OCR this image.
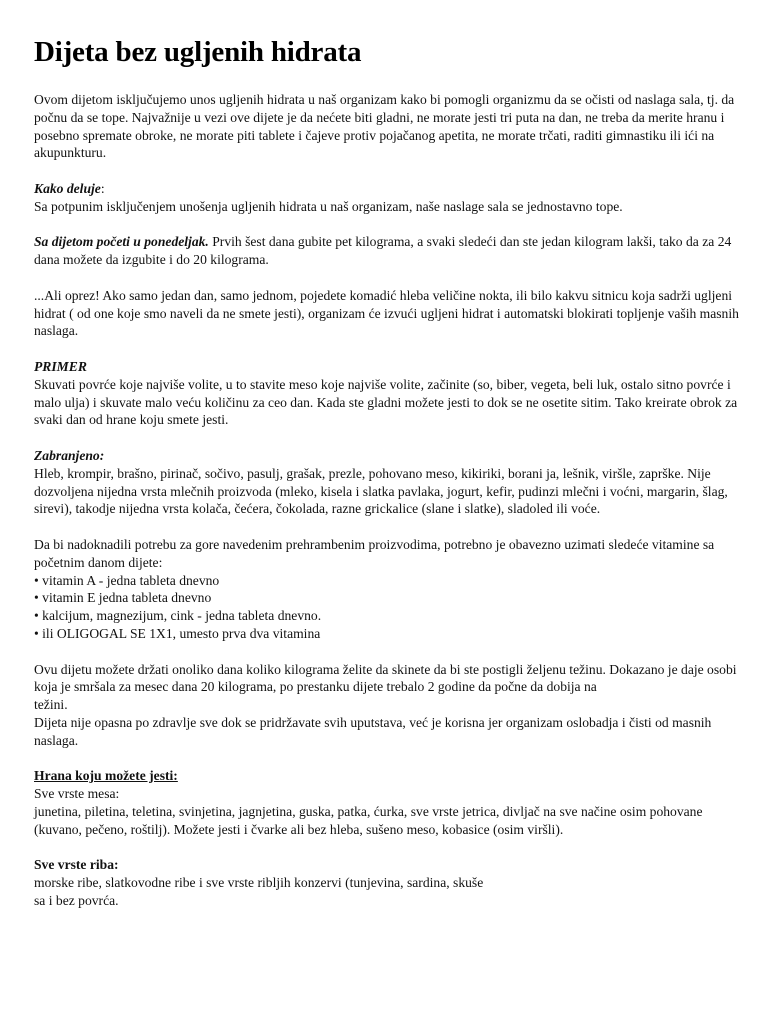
Dijeta bez ugljenih hidrata

Ovom dijetom isključujemo unos ugljenih hidrata u naš organizam kako bi pomogli organizmu da se očisti od naslaga sala, tj. da počnu da se tope. Najvažnije u vezi ove dijete je da nećete biti gladni, ne morate jesti tri puta na dan, ne treba da merite hranu i posebno spremate obroke, ne morate piti tablete i čajeve protiv pojačanog apetita, ne morate trčati, raditi gimnastiku ili ići na akupunkturu.

Kako deluje:
Sa potpunim isključenjem unošenja ugljenih hidrata u naš organizam, naše naslage sala se jednostavno tope.

Sa dijetom početi u ponedeljak. Prvih šest dana gubite pet kilograma, a svaki sledeći dan ste jedan kilogram lakši, tako da za 24 dana možete da izgubite i do 20 kilograma.

...Ali oprez! Ako samo jedan dan, samo jednom, pojedete komadić hleba veličine nokta, ili bilo kakvu sitnicu koja sadrži ugljeni hidrat ( od one koje smo naveli da ne smete jesti), organizam će izvući ugljeni hidrat i automatski blokirati topljenje vaših masnih naslaga.

PRIMER
Skuvati povrće koje najviše volite, u to stavite meso koje najviše volite, začinite (so, biber, vegeta, beli luk, ostalo sitno povrće i malo ulja) i skuvate malo veću količinu za ceo dan. Kada ste gladni možete jesti to dok se ne osetite sitim. Tako kreirate obrok za svaki dan od hrane koju smete jesti.

Zabranjeno:
Hleb, krompir, brašno, pirinač, sočivo, pasulj, grašak, prezle, pohovano meso, kikiriki, borani ja, lešnik, viršle, zaprške. Nije dozvoljena nijedna vrsta mlečnih proizvoda (mleko, kisela i slatka pavlaka, jogurt, kefir, pudinzi mlečni i voćni, margarin, šlag, sirevi), takodje nijedna vrsta kolača, čećera, čokolada, razne grickalice (slane i slatke), sladoled ili voće.

Da bi nadoknadili potrebu za gore navedenim prehrambenim proizvodima, potrebno je obavezno uzimati sledeće vitamine sa početnim danom dijete:
• vitamin A - jedna tableta dnevno
• vitamin E jedna tableta dnevno
• kalcijum, magnezijum, cink - jedna tableta dnevno.
• ili OLIGOGAL SE 1X1, umesto prva dva vitamina

Ovu dijetu možete držati onoliko dana koliko kilograma želite da skinete da bi ste postigli željenu težinu. Dokazano je daje osobi koja je smršala za mesec dana 20 kilograma, po prestanku dijete trebalo 2 godine da počne da dobija na
težini.
Dijeta nije opasna po zdravlje sve dok se pridržavate svih uputstava, već je korisna jer organizam oslobadja i čisti od masnih naslaga.

Hrana koju možete jesti:
Sve vrste mesa:
junetina, piletina, teletina, svinjetina, jagnjetina, guska, patka, ćurka, sve vrste jetrica, divljač na sve načine osim pohovane (kuvano, pečeno, roštilj). Možete jesti i čvarke ali bez hleba, sušeno meso, kobasice (osim viršli).

Sve vrste riba:
morske ribe, slatkovodne ribe i sve vrste ribljih konzervi (tunjevina, sardina, skuše
sa i bez povrća.
